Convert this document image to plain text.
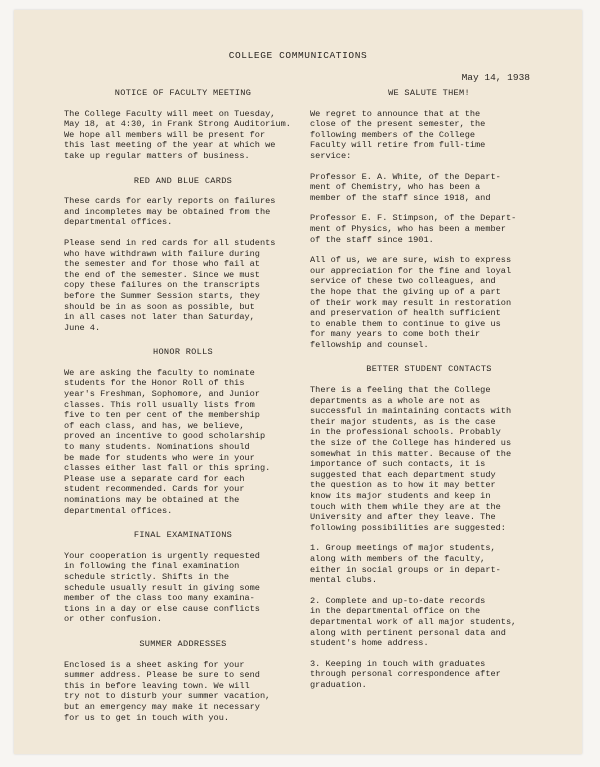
COLLEGE COMMUNICATIONS
May 14, 1938
NOTICE OF FACULTY MEETING

The College Faculty will meet on Tuesday,
May 18, at 4:30, in Frank Strong Auditorium.
We hope all members will be present for
this last meeting of the year at which we
take up regular matters of business.

RED AND BLUE CARDS

These cards for early reports on failures
and incompletes may be obtained from the
departmental offices.

Please send in red cards for all students
who have withdrawn with failure during
the semester and for those who fail at
the end of the semester. Since we must
copy these failures on the transcripts
before the Summer Session starts, they
should be in as soon as possible, but
in all cases not later than Saturday,
June 4.

HONOR ROLLS

We are asking the faculty to nominate
students for the Honor Roll of this
year's Freshman, Sophomore, and Junior
classes. This roll usually lists from
five to ten per cent of the membership
of each class, and has, we believe,
proved an incentive to good scholarship
to many students. Nominations should
be made for students who were in your
classes either last fall or this spring.
Please use a separate card for each
student recommended. Cards for your
nominations may be obtained at the
departmental offices.

FINAL EXAMINATIONS

Your cooperation is urgently requested
in following the final examination
schedule strictly. Shifts in the
schedule usually result in giving some
member of the class too many examina-
tions in a day or else cause conflicts
or other confusion.

SUMMER ADDRESSES

Enclosed is a sheet asking for your
summer address. Please be sure to send
this in before leaving town. We will
try not to disturb your summer vacation,
but an emergency may make it necessary
for us to get in touch with you.

WE SALUTE THEM!

We regret to announce that at the
close of the present semester, the
following members of the College
Faculty will retire from full-time
service:

Professor E. A. White, of the Depart-
ment of Chemistry, who has been a
member of the staff since 1918, and

Professor E. F. Stimpson, of the Depart-
ment of Physics, who has been a member
of the staff since 1901.

All of us, we are sure, wish to express
our appreciation for the fine and loyal
service of these two colleagues, and
the hope that the giving up of a part
of their work may result in restoration
and preservation of health sufficient
to enable them to continue to give us
for many years to come both their
fellowship and counsel.

BETTER STUDENT CONTACTS

There is a feeling that the College
departments as a whole are not as
successful in maintaining contacts with
their major students, as is the case
in the professional schools. Probably
the size of the College has hindered us
somewhat in this matter. Because of the
importance of such contacts, it is
suggested that each department study
the question as to how it may better
know its major students and keep in
touch with them while they are at the
University and after they leave. The
following possibilities are suggested:

1. Group meetings of major students,
along with members of the faculty,
either in social groups or in depart-
mental clubs.

2. Complete and up-to-date records
in the departmental office on the
departmental work of all major students,
along with pertinent personal data and
student's home address.

3. Keeping in touch with graduates
through personal correspondence after
graduation.
